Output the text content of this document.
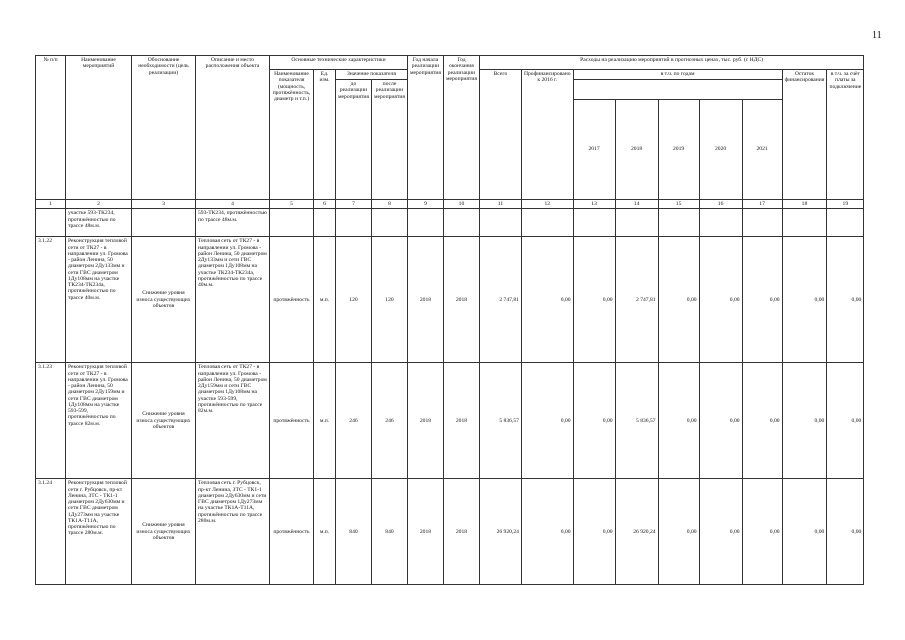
11
№ п/п	Наименование мероприятий	Обоснование необходимости (цель реализации)	Описание и место расположения объекта	Основные технические характеристики				Год начала реализации мероприятия	Год окончания реализации мероприятия	Расходы на реализацию мероприятий в прогнозных ценах, тыс. руб. (с НДС)								
				Наименование показателя (мощность, протяжённость, диаметр и т.п.)	Ед. изм.	Значение показателя				Всего	Профинансировано к 2016 г.	в т.ч. по годам					Остаток финансирования	в т.ч. за счёт платы за подключение
						до реализации мероприятия	после реализации мероприятия											
												2017	2018	2019	2020	2021		
1	2	3	4	5	6	7	8	9	10	11	12	13	14	15	16	17	18	19
	участке 593-ТК234, протяжённостью по трассе 48м.м.		593-ТК234, протяжённостью по трассе 48м.м.															
3.1.22	Реконструкция тепловой сети от ТК27 - в направлении ул. Громова - район Ленина, 50 диаметром 2Ду133мм и сети ГВС диаметром 1Ду108мм на участке ТК234-ТК234а, протяжённостью по трассе 40м.м.	Снижение уровня износа существующих объектов	Тепловая сеть от ТК27 - в направлении ул. Громова - район Ленина, 50 диаметром 2Ду133мм и сети ГВС диаметром 1Ду108мм на участке ТК234-ТК234а, протяжённостью по трассе 40м.м.	протяжённость	м.п.	120	120	2018	2018	2 747,81	0,00	0,00	2 747,81	0,00	0,00	0,00	0,00	0,00
3.1.23	Реконструкция тепловой сети от ТК27 - в направлении ул. Громова - район Ленина, 50 диаметром 2Ду159мм и сети ГВС диаметром 1Ду108мм на участке 593-599, протяжённостью по трассе 82м.м.	Снижение уровня износа существующих объектов	Тепловая сеть от ТК27 - в направлении ул. Громова - район Ленина, 50 диаметром 2Ду159мм и сети ГВС диаметром 1Ду108мм на участке 593-599, протяжённостью по трассе 82м.м.	протяжённость	м.п.	246	246	2018	2018	5 836,57	0,00	0,00	5 836,57	0,00	0,00	0,00	0,00	0,00
3.1.24	Реконструкция тепловой сети г. Рубцовск, пр-кт Ленина, ЗТС - ТК1-1 диаметром 2Ду630мм и сети ГВС диаметром 1Ду273мм на участке ТК1А-Т11А, протяжённостью по трассе 280м.м.	Снижение уровня износа существующих объектов	Тепловая сеть г. Рубцовск, пр-кт Ленина, ЗТС - ТК1-1 диаметром 2Ду630мм и сети ГВС диаметром 1Ду273мм на участке ТК1А-Т11А, протяжённостью по трассе 280м.м.	протяжённость	м.п.	840	840	2018	2018	26 920,24	0,00	0,00	26 920,24	0,00	0,00	0,00	0,00	0,00
